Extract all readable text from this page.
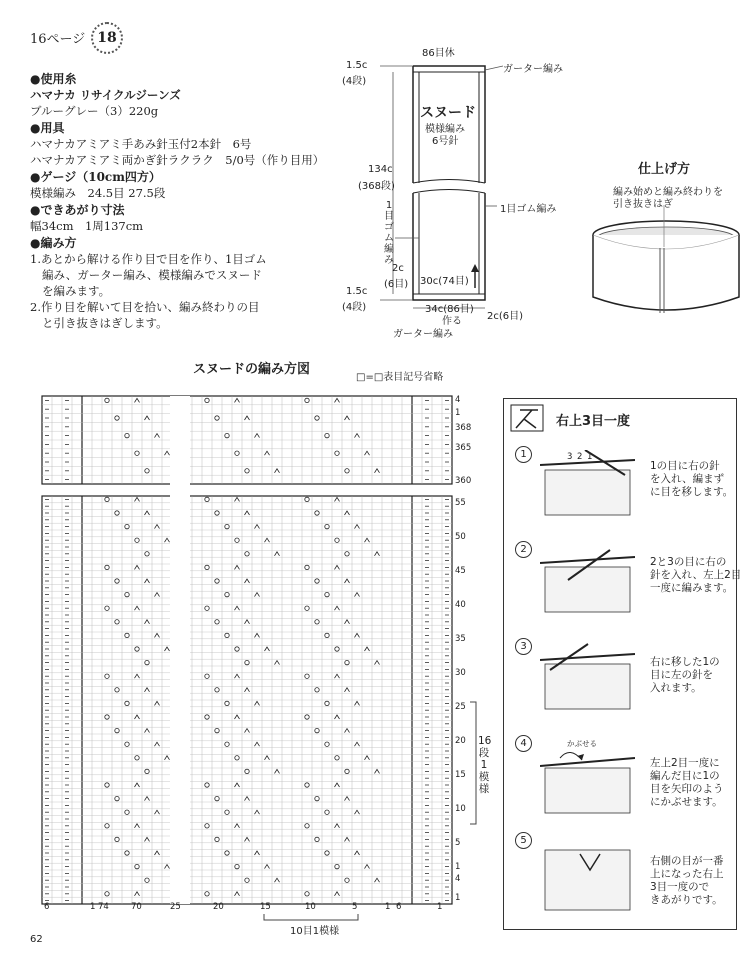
16ページ 18
●使用糸
ハマナカ リサイクルジーンズ
ブルーグレー（3）220g
●用具
ハマナカアミアミ手あみ針玉付2本針　6号
ハマナカアミアミ両かぎ針ラクラク　5/0号（作り目用）
●ゲージ（10cm四方）
模様編み　24.5目 27.5段
●できあがり寸法
幅34cm　1周137cm
●編み方
1.あとから解ける作り目で目を作り、1目ゴム
編み、ガーター編み、模様編みでスヌード
を編みます。
2.作り目を解いて目を拾い、編み終わりの目
と引き抜きはぎします。
86目休
ガーター編み
1.5c
(4段)
スヌード
模様編み
6号針
134c
(368段)
1目ゴム編み
1
目
ゴ
ム
編
み
2c
(6目) 30c(74目)
1.5c
(4段)	34c(86目)
作る	2c(6目)
ガーター編み
仕上げ方
編み始めと編み終わりを
引き抜きはぎ
スヌードの編み方図
□=□表目記号省略
4
1
368
365
360
55
50
45
40
35
30
25
20
15
10
5
1
4
1
16
段
1
模
様
6	1 74	70	25	20	15	10	5	1 6	1
10目1模様
右上3目一度
1	3 2 1
1の目に右の針
を入れ、編まず
に目を移します。
2
2と3の目に右の
針を入れ、左上2目
一度に編みます。
3
右に移した1の
目に左の針を
入れます。
4	かぶせる
左上2目一度に
編んだ目に1の
目を矢印のよう
にかぶせます。
5
右側の目が一番
上になった右上
3目一度ので
きあがりです。
62
